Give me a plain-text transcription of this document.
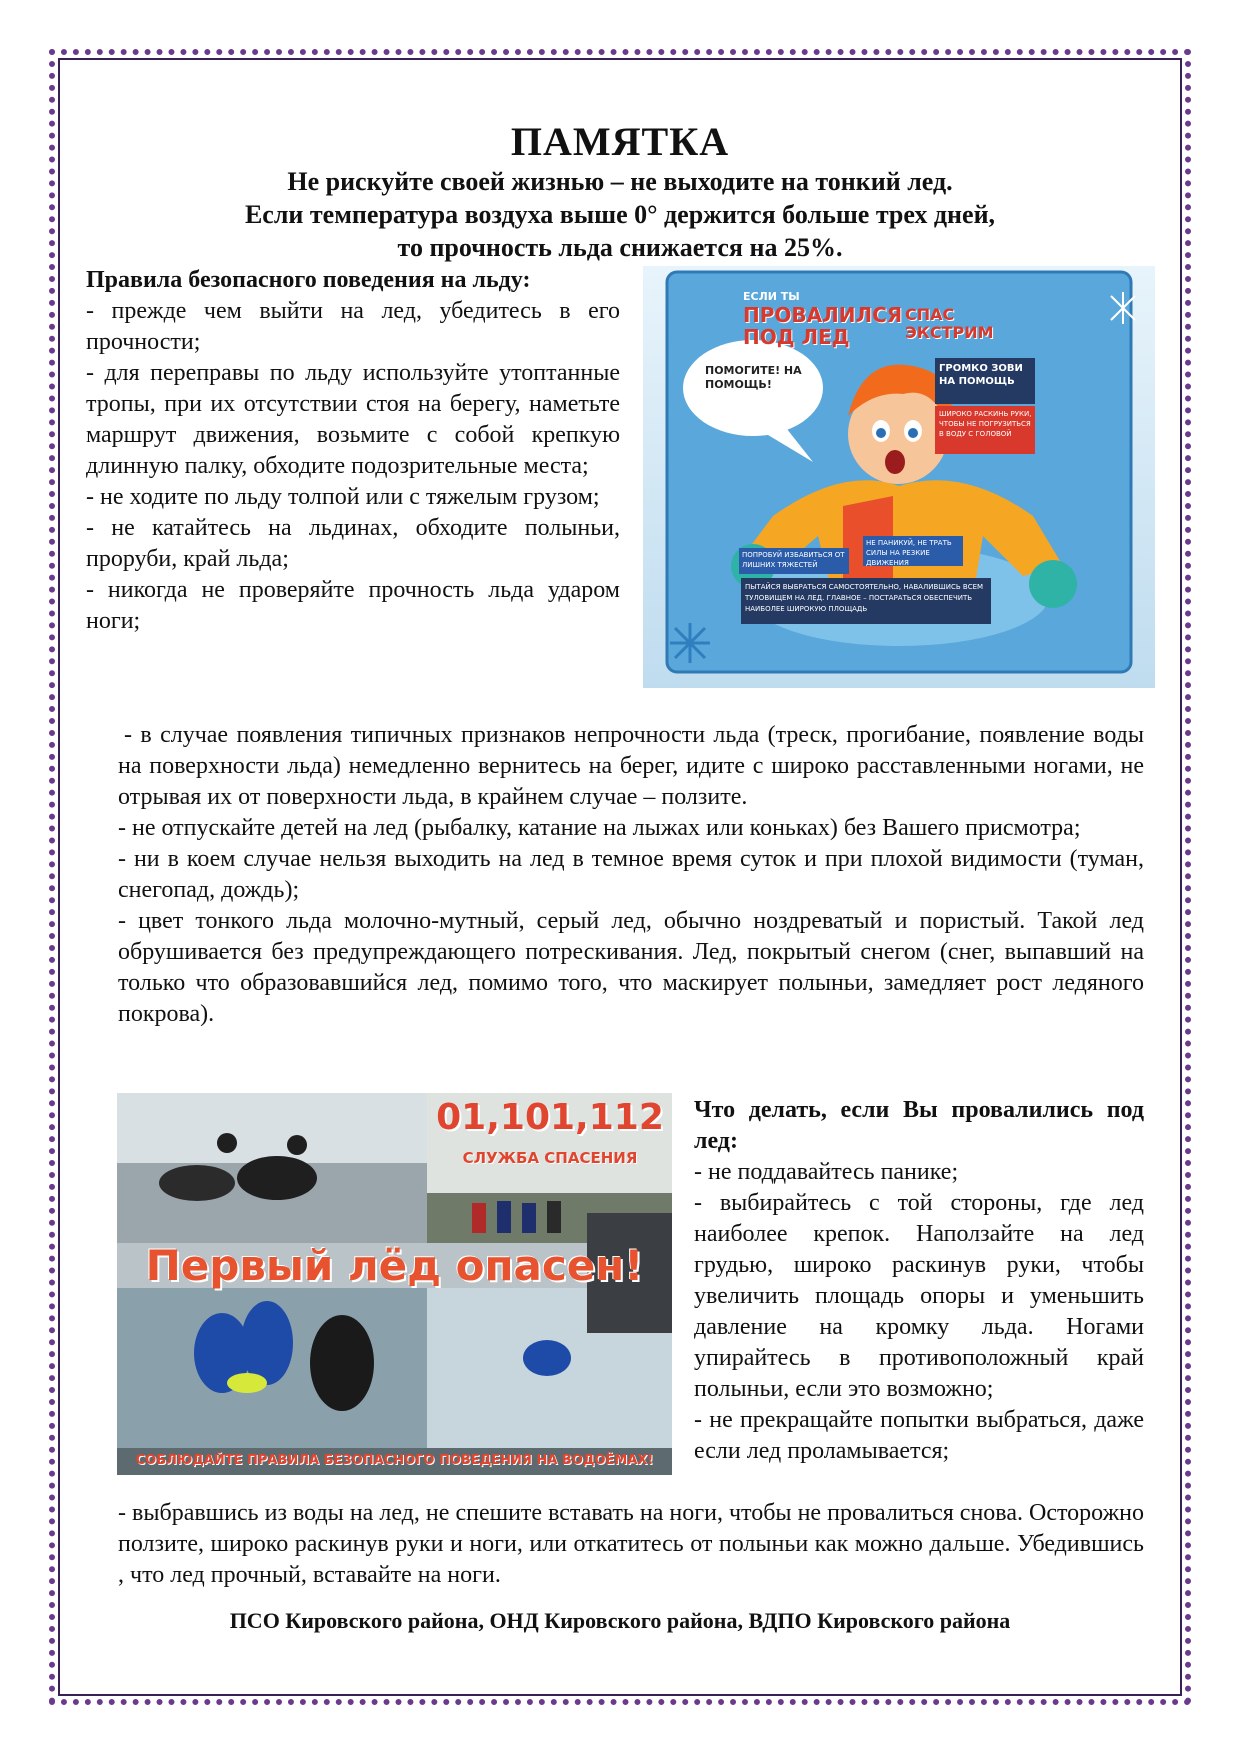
ПАМЯТКА
Не рискуйте своей жизнью – не выходите на тонкий лед.
Если температура воздуха выше 0° держится больше трех дней,
то прочность льда снижается на 25%.

Правила безопасного поведения на льду:

- прежде чем выйти на лед, убедитесь в его прочности;

- для переправы по льду используйте утоптанные тропы, при их отсутствии стоя на берегу, наметьте маршрут движения, возьмите с собой крепкую длинную палку, обходите подозрительные места;

- не ходите по льду толпой или с тяжелым грузом;

- не катайтесь на льдинах, обходите полыньи, проруби, край льда;

- никогда не проверяйте прочность льда ударом ноги;

ЕСЛИ ТЫ
ПРОВАЛИЛСЯ ПОД ЛЕД
СПАС ЭКСТРИМ
ПОМОГИТЕ! НА ПОМОЩЬ!
ГРОМКО ЗОВИ НА ПОМОЩЬ
ШИРОКО РАСКИНЬ РУКИ, ЧТОБЫ НЕ ПОГРУЗИТЬСЯ В ВОДУ С ГОЛОВОЙ
ПОПРОБУЙ ИЗБАВИТЬСЯ ОТ ЛИШНИХ ТЯЖЕСТЕЙ
НЕ ПАНИКУЙ, НЕ ТРАТЬ СИЛЫ НА РЕЗКИЕ ДВИЖЕНИЯ
ПЫТАЙСЯ ВЫБРАТЬСЯ САМОСТОЯТЕЛЬНО, НАВАЛИВШИСЬ ВСЕМ ТУЛОВИЩЕМ НА ЛЕД. ГЛАВНОЕ – ПОСТАРАТЬСЯ ОБЕСПЕЧИТЬ НАИБОЛЕЕ ШИРОКУЮ ПЛОЩАДЬ

- в случае появления типичных признаков непрочности льда (треск, прогибание, появление воды на поверхности льда) немедленно вернитесь на берег, идите с широко расставленными ногами, не отрывая их от поверхности льда, в крайнем случае – ползите.

- не отпускайте детей на лед (рыбалку, катание на лыжах или коньках) без Вашего присмотра;

- ни в коем случае нельзя выходить на лед в темное время суток и при плохой видимости (туман, снегопад, дождь);

- цвет тонкого льда молочно-мутный, серый лед, обычно ноздреватый и пористый. Такой лед обрушивается без предупреждающего потрескивания. Лед, покрытый снегом (снег, выпавший на только что образовавшийся лед, помимо того, что маскирует полыньи, замедляет рост ледяного покрова).

01,101,112
СЛУЖБА СПАСЕНИЯ
Первый лёд опасен!
СОБЛЮДАЙТЕ ПРАВИЛА БЕЗОПАСНОГО ПОВЕДЕНИЯ НА ВОДОЁМАХ!

Что делать, если Вы провалились под лед:

- не поддавайтесь панике;

- выбирайтесь с той стороны, где лед наиболее крепок. Наползайте на лед грудью, широко раскинув руки, чтобы увеличить площадь опоры и уменьшить давление на кромку льда. Ногами упирайтесь в противоположный край полыньи, если это возможно;

- не прекращайте попытки выбраться, даже если лед проламывается;

- выбравшись из воды на лед, не спешите вставать на ноги, чтобы не провалиться снова. Осторожно ползите, широко раскинув руки и ноги, или откатитесь от полыньи как можно дальше. Убедившись , что лед прочный, вставайте на ноги.
ПСО Кировского района, ОНД Кировского района, ВДПО Кировского района
